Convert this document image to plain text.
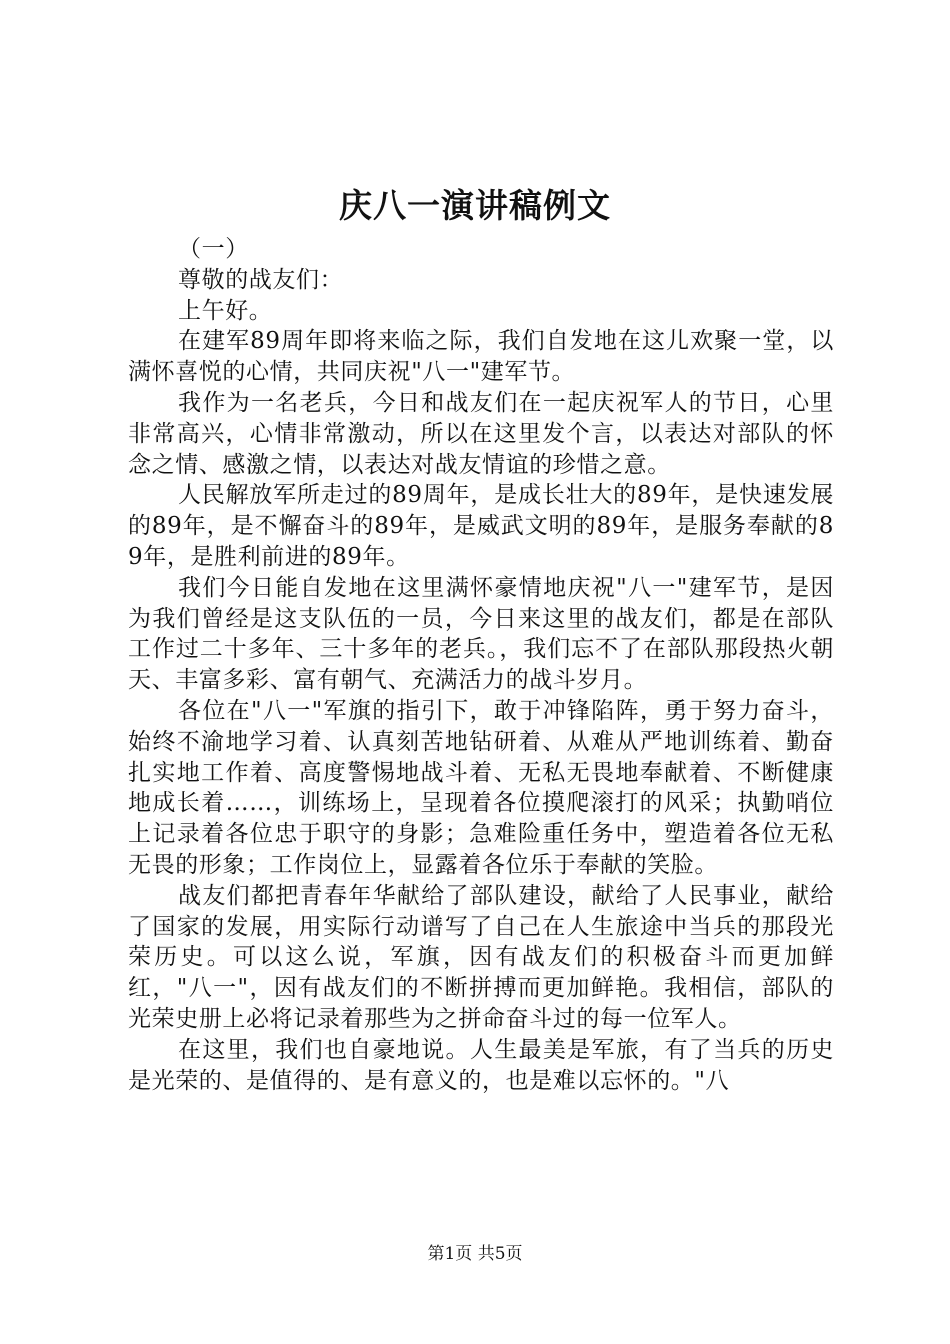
庆八一演讲稿例文

（一）

尊敬的战友们：

上午好。

在建军89周年即将来临之际，我们自发地在这儿欢聚一堂，以满怀喜悦的心情，共同庆祝"八一"建军节。

我作为一名老兵，今日和战友们在一起庆祝军人的节日，心里非常高兴，心情非常激动，所以在这里发个言，以表达对部队的怀念之情、感激之情，以表达对战友情谊的珍惜之意。

人民解放军所走过的89周年，是成长壮大的89年，是快速发展的89年，是不懈奋斗的89年，是威武文明的89年，是服务奉献的89年，是胜利前进的89年。

我们今日能自发地在这里满怀豪情地庆祝"八一"建军节，是因为我们曾经是这支队伍的一员，今日来这里的战友们，都是在部队工作过二十多年、三十多年的老兵。，我们忘不了在部队那段热火朝天、丰富多彩、富有朝气、充满活力的战斗岁月。

各位在"八一"军旗的指引下，敢于冲锋陷阵，勇于努力奋斗，始终不渝地学习着、认真刻苦地钻研着、从难从严地训练着、勤奋扎实地工作着、高度警惕地战斗着、无私无畏地奉献着、不断健康地成长着……，训练场上，呈现着各位摸爬滚打的风采；执勤哨位上记录着各位忠于职守的身影；急难险重任务中，塑造着各位无私无畏的形象；工作岗位上，显露着各位乐于奉献的笑脸。

战友们都把青春年华献给了部队建设，献给了人民事业，献给了国家的发展，用实际行动谱写了自己在人生旅途中当兵的那段光荣历史。可以这么说，军旗，因有战友们的积极奋斗而更加鲜红，"八一"，因有战友们的不断拼搏而更加鲜艳。我相信，部队的光荣史册上必将记录着那些为之拼命奋斗过的每一位军人。

在这里，我们也自豪地说。人生最美是军旅，有了当兵的历史是光荣的、是值得的、是有意义的，也是难以忘怀的。"八

第1页 共5页
